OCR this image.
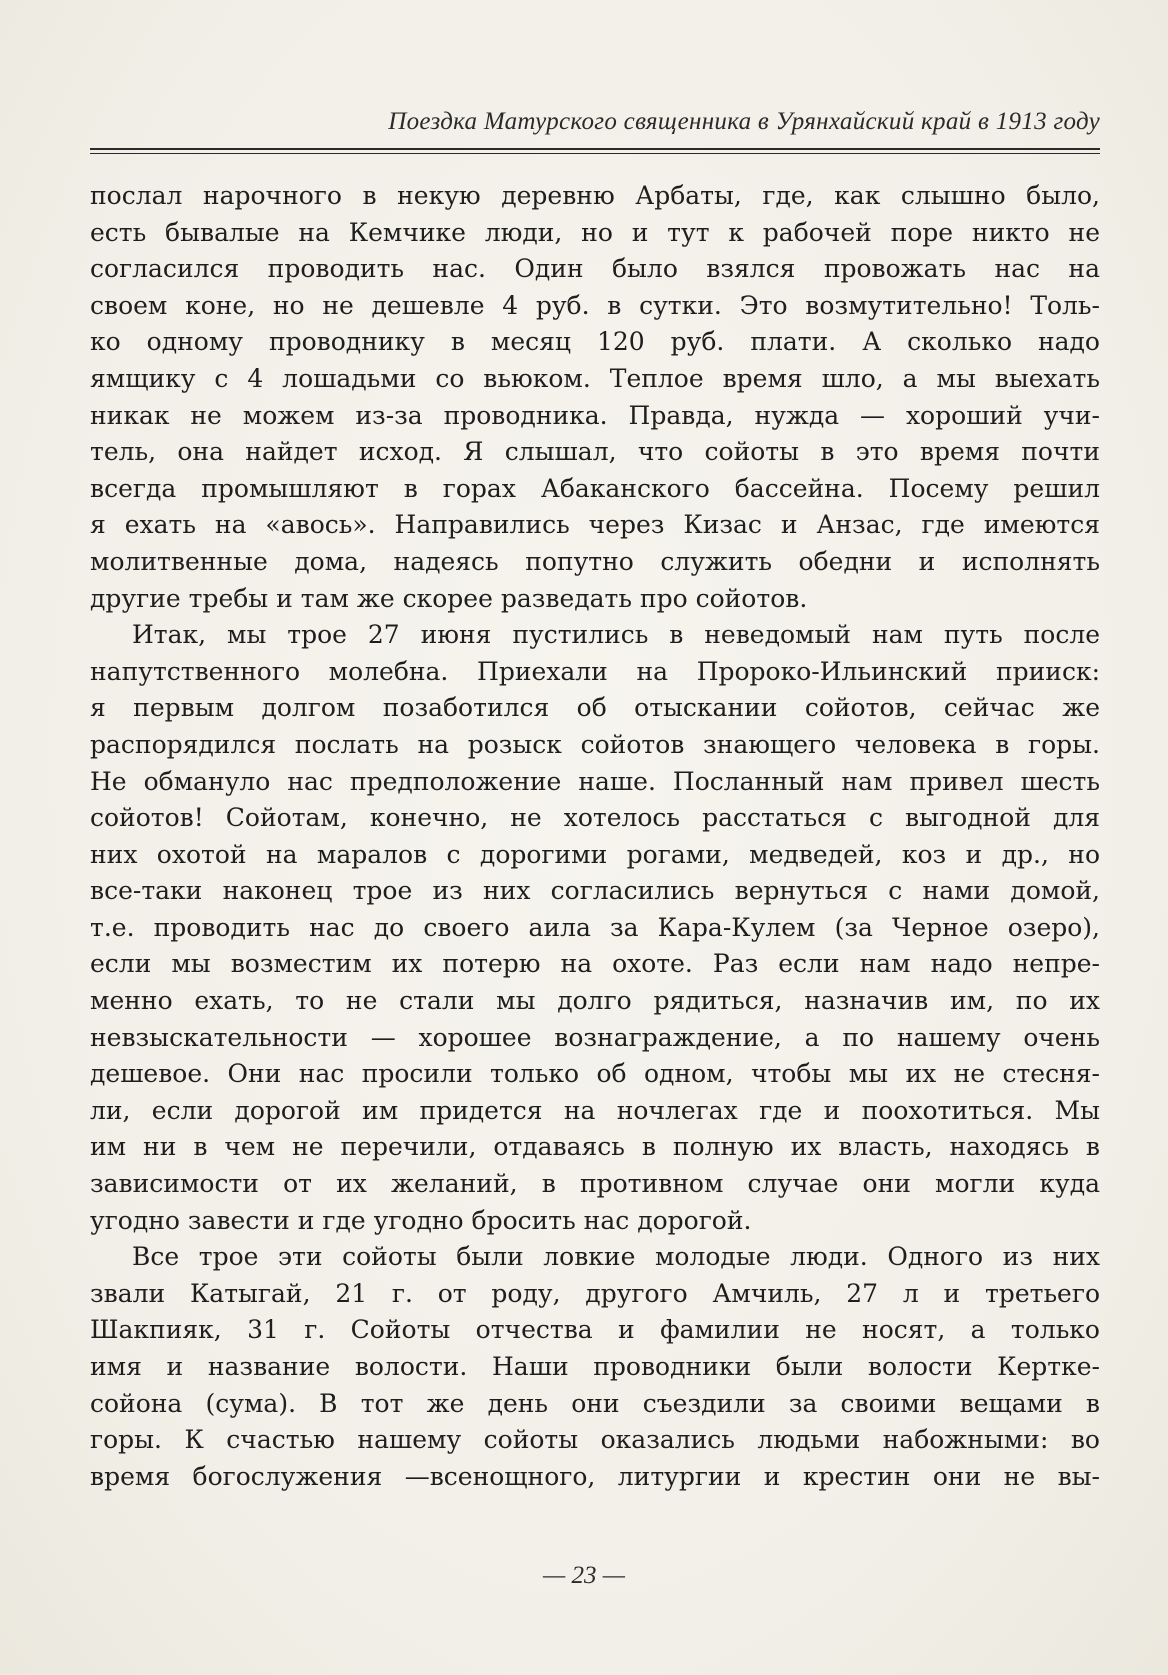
Поездка Матурского священника в Урянхайский край в 1913 году
послал нарочного в некую деревню Арбаты, где, как слышно было,
есть бывалые на Кемчике люди, но и тут к рабочей поре никто не
согласился проводить нас. Один было взялся провожать нас на
своем коне, но не дешевле 4 руб. в сутки. Это возмутительно! Толь-
ко одному проводнику в месяц 120 руб. плати. А сколько надо
ямщику с 4 лошадьми со вьюком. Теплое время шло, а мы выехать
никак не можем из-за проводника. Правда, нужда — хороший учи-
тель, она найдет исход. Я слышал, что сойоты в это время почти
всегда промышляют в горах Абаканского бассейна. Посему решил
я ехать на «авось». Направились через Кизас и Анзас, где имеются
молитвенные дома, надеясь попутно служить обедни и исполнять
другие требы и там же скорее разведать про сойотов.
Итак, мы трое 27 июня пустились в неведомый нам путь после
напутственного молебна. Приехали на Пророко-Ильинский прииск:
я первым долгом позаботился об отыскании сойотов, сейчас же
распорядился послать на розыск сойотов знающего человека в горы.
Не обмануло нас предположение наше. Посланный нам привел шесть
сойотов! Сойотам, конечно, не хотелось расстаться с выгодной для
них охотой на маралов с дорогими рогами, медведей, коз и др., но
все-таки наконец трое из них согласились вернуться с нами домой,
т.е. проводить нас до своего аила за Кара-Кулем (за Черное озеро),
если мы возместим их потерю на охоте. Раз если нам надо непре-
менно ехать, то не стали мы долго рядиться, назначив им, по их
невзыскательности — хорошее вознаграждение, а по нашему очень
дешевое. Они нас просили только об одном, чтобы мы их не стесня-
ли, если дорогой им придется на ночлегах где и поохотиться. Мы
им ни в чем не перечили, отдаваясь в полную их власть, находясь в
зависимости от их желаний, в противном случае они могли куда
угодно завести и где угодно бросить нас дорогой.
Все трое эти сойоты были ловкие молодые люди. Одного из них
звали Катыгай, 21 г. от роду, другого Амчиль, 27 л и третьего
Шакпияк, 31 г. Сойоты отчества и фамилии не носят, а только
имя и название волости. Наши проводники были волости Кертке-
сойона (сума). В тот же день они съездили за своими вещами в
горы. К счастью нашему сойоты оказались людьми набожными: во
время богослужения —всенощного, литургии и крестин они не вы-
— 23 —
